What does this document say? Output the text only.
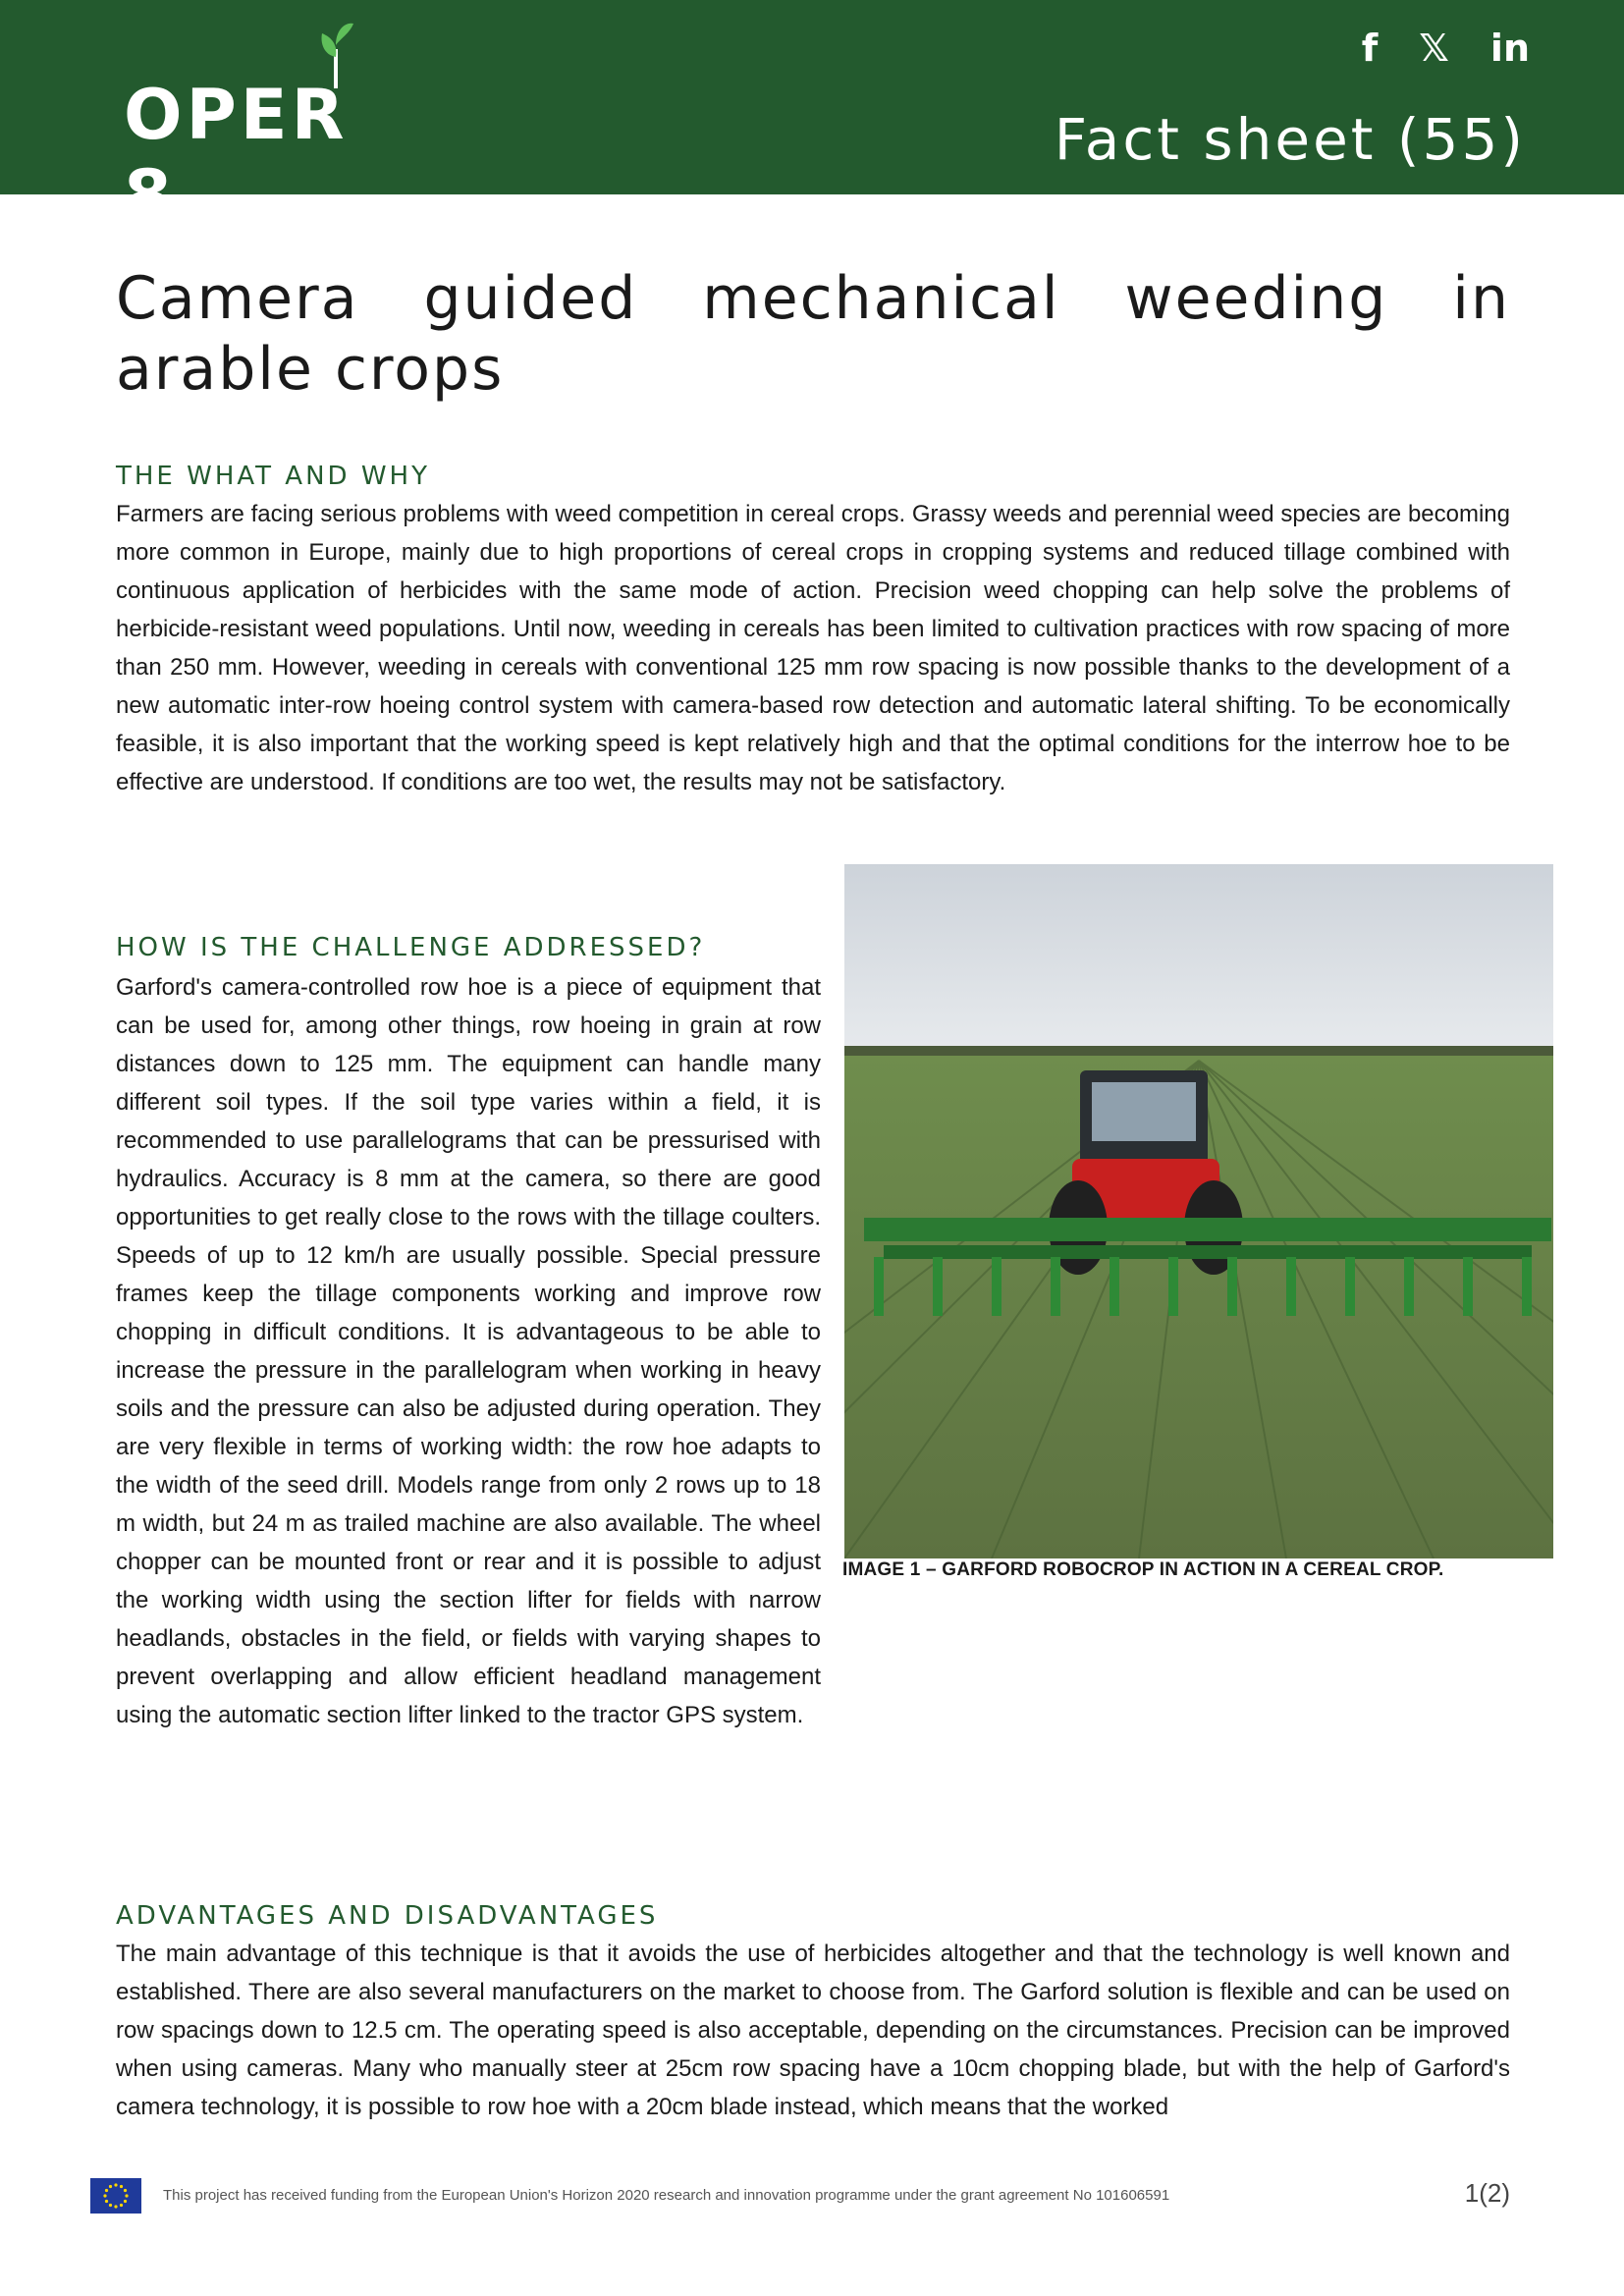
OPER 8
f 𝕏 in
Fact sheet (55)
Camera guided mechanical weeding in arable crops
THE WHAT AND WHY

Farmers are facing serious problems with weed competition in cereal crops. Grassy weeds and perennial weed species are becoming more common in Europe, mainly due to high proportions of cereal crops in cropping systems and reduced tillage combined with continuous application of herbicides with the same mode of action. Precision weed chopping can help solve the problems of herbicide-resistant weed populations. Until now, weeding in cereals has been limited to cultivation practices with row spacing of more than 250 mm. However, weeding in cereals with conventional 125 mm row spacing is now possible thanks to the development of a new automatic inter-row hoeing control system with camera-based row detection and automatic lateral shifting. To be economically feasible, it is also important that the working speed is kept relatively high and that the optimal conditions for the interrow hoe to be effective are understood. If conditions are too wet, the results may not be satisfactory.

HOW IS THE CHALLENGE ADDRESSED?

Garford's camera-controlled row hoe is a piece of equipment that can be used for, among other things, row hoeing in grain at row distances down to 125 mm. The equipment can handle many different soil types. If the soil type varies within a field, it is recommended to use parallelograms that can be pressurised with hydraulics. Accuracy is 8 mm at the camera, so there are good opportunities to get really close to the rows with the tillage coulters. Speeds of up to 12 km/h are usually possible. Special pressure frames keep the tillage components working and improve row chopping in difficult conditions. It is advantageous to be able to increase the pressure in the parallelogram when working in heavy soils and the pressure can also be adjusted during operation. They are very flexible in terms of working width: the row hoe adapts to the width of the seed drill. Models range from only 2 rows up to 18 m width, but 24 m as trailed machine are also available. The wheel chopper can be mounted front or rear and it is possible to adjust the working width using the section lifter for fields with narrow headlands, obstacles in the field, or fields with varying shapes to prevent overlapping and allow efficient headland management using the automatic section lifter linked to the tractor GPS system.

IMAGE 1 – GARFORD ROBOCROP IN ACTION IN A CEREAL CROP.
ADVANTAGES AND DISADVANTAGES

The main advantage of this technique is that it avoids the use of herbicides altogether and that the technology is well known and established. There are also several manufacturers on the market to choose from. The Garford solution is flexible and can be used on row spacings down to 12.5 cm. The operating speed is also acceptable, depending on the circumstances. Precision can be improved when using cameras. Many who manually steer at 25cm row spacing have a 10cm chopping blade, but with the help of Garford's camera technology, it is possible to row hoe with a 20cm blade instead, which means that the worked

This project has received funding from the European Union's Horizon 2020 research and innovation programme under the grant agreement No 101606591	1(2)
